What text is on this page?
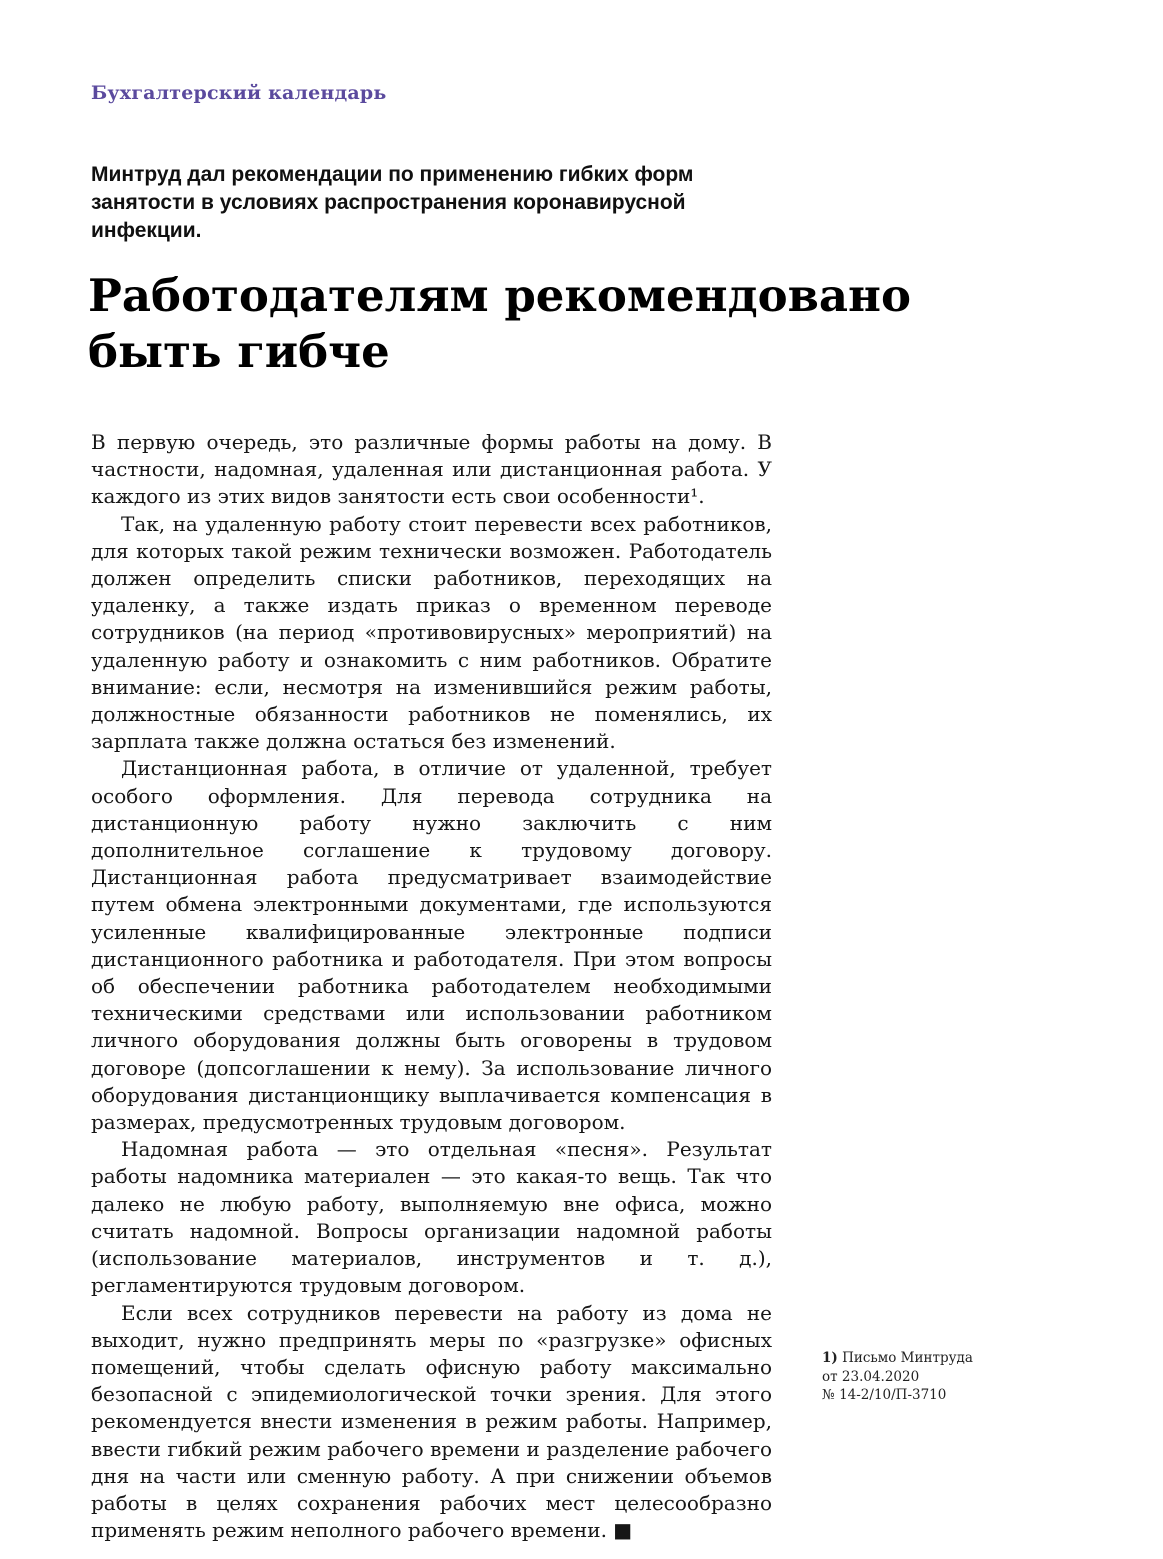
Бухгалтерский календарь
Минтруд дал рекомендации по применению гибких форм занятости в условиях распространения коронавирусной инфекции.
Работодателям рекомендовано
быть гибче

В первую очередь, это различные формы работы на дому. В частности, надомная, удаленная или дистанционная работа. У каждого из этих видов занятости есть свои особенности¹.

Так, на удаленную работу стоит перевести всех работников, для которых такой режим технически возможен. Работодатель должен определить списки работников, переходящих на удаленку, а также издать приказ о временном переводе сотрудников (на период «противовирусных» мероприятий) на удаленную работу и ознакомить с ним работников. Обратите внимание: если, несмотря на изменившийся режим работы, должностные обязанности работников не поменялись, их зарплата также должна остаться без изменений.

Дистанционная работа, в отличие от удаленной, требует особого оформления. Для перевода сотрудника на дистанционную работу нужно заключить с ним дополнительное соглашение к трудовому договору. Дистанционная работа предусматривает взаимодействие путем обмена электронными документами, где используются усиленные квалифицированные электронные подписи дистанционного работника и работодателя. При этом вопросы об обеспечении работника работодателем необходимыми техническими средствами или использовании работником личного оборудования должны быть оговорены в трудовом договоре (допсоглашении к нему). За использование личного оборудования дистанционщику выплачивается компенсация в размерах, предусмотренных трудовым договором.

Надомная работа — это отдельная «песня». Результат работы надомника материален — это какая-то вещь. Так что далеко не любую работу, выполняемую вне офиса, можно считать надомной. Вопросы организации надомной работы (использование материалов, инструментов и т. д.), регламентируются трудовым договором.

Если всех сотрудников перевести на работу из дома не выходит, нужно предпринять меры по «разгрузке» офисных помещений, чтобы сделать офисную работу максимально безопасной с эпидемиологической точки зрения. Для этого рекомендуется внести изменения в режим работы. Например, ввести гибкий режим рабочего времени и разделение рабочего дня на части или сменную работу. А при снижении объемов работы в целях сохранения рабочих мест целесообразно применять режим неполного рабочего времени. ■

1) Письмо Минтруда
от 23.04.2020
№ 14-2/10/П-3710
